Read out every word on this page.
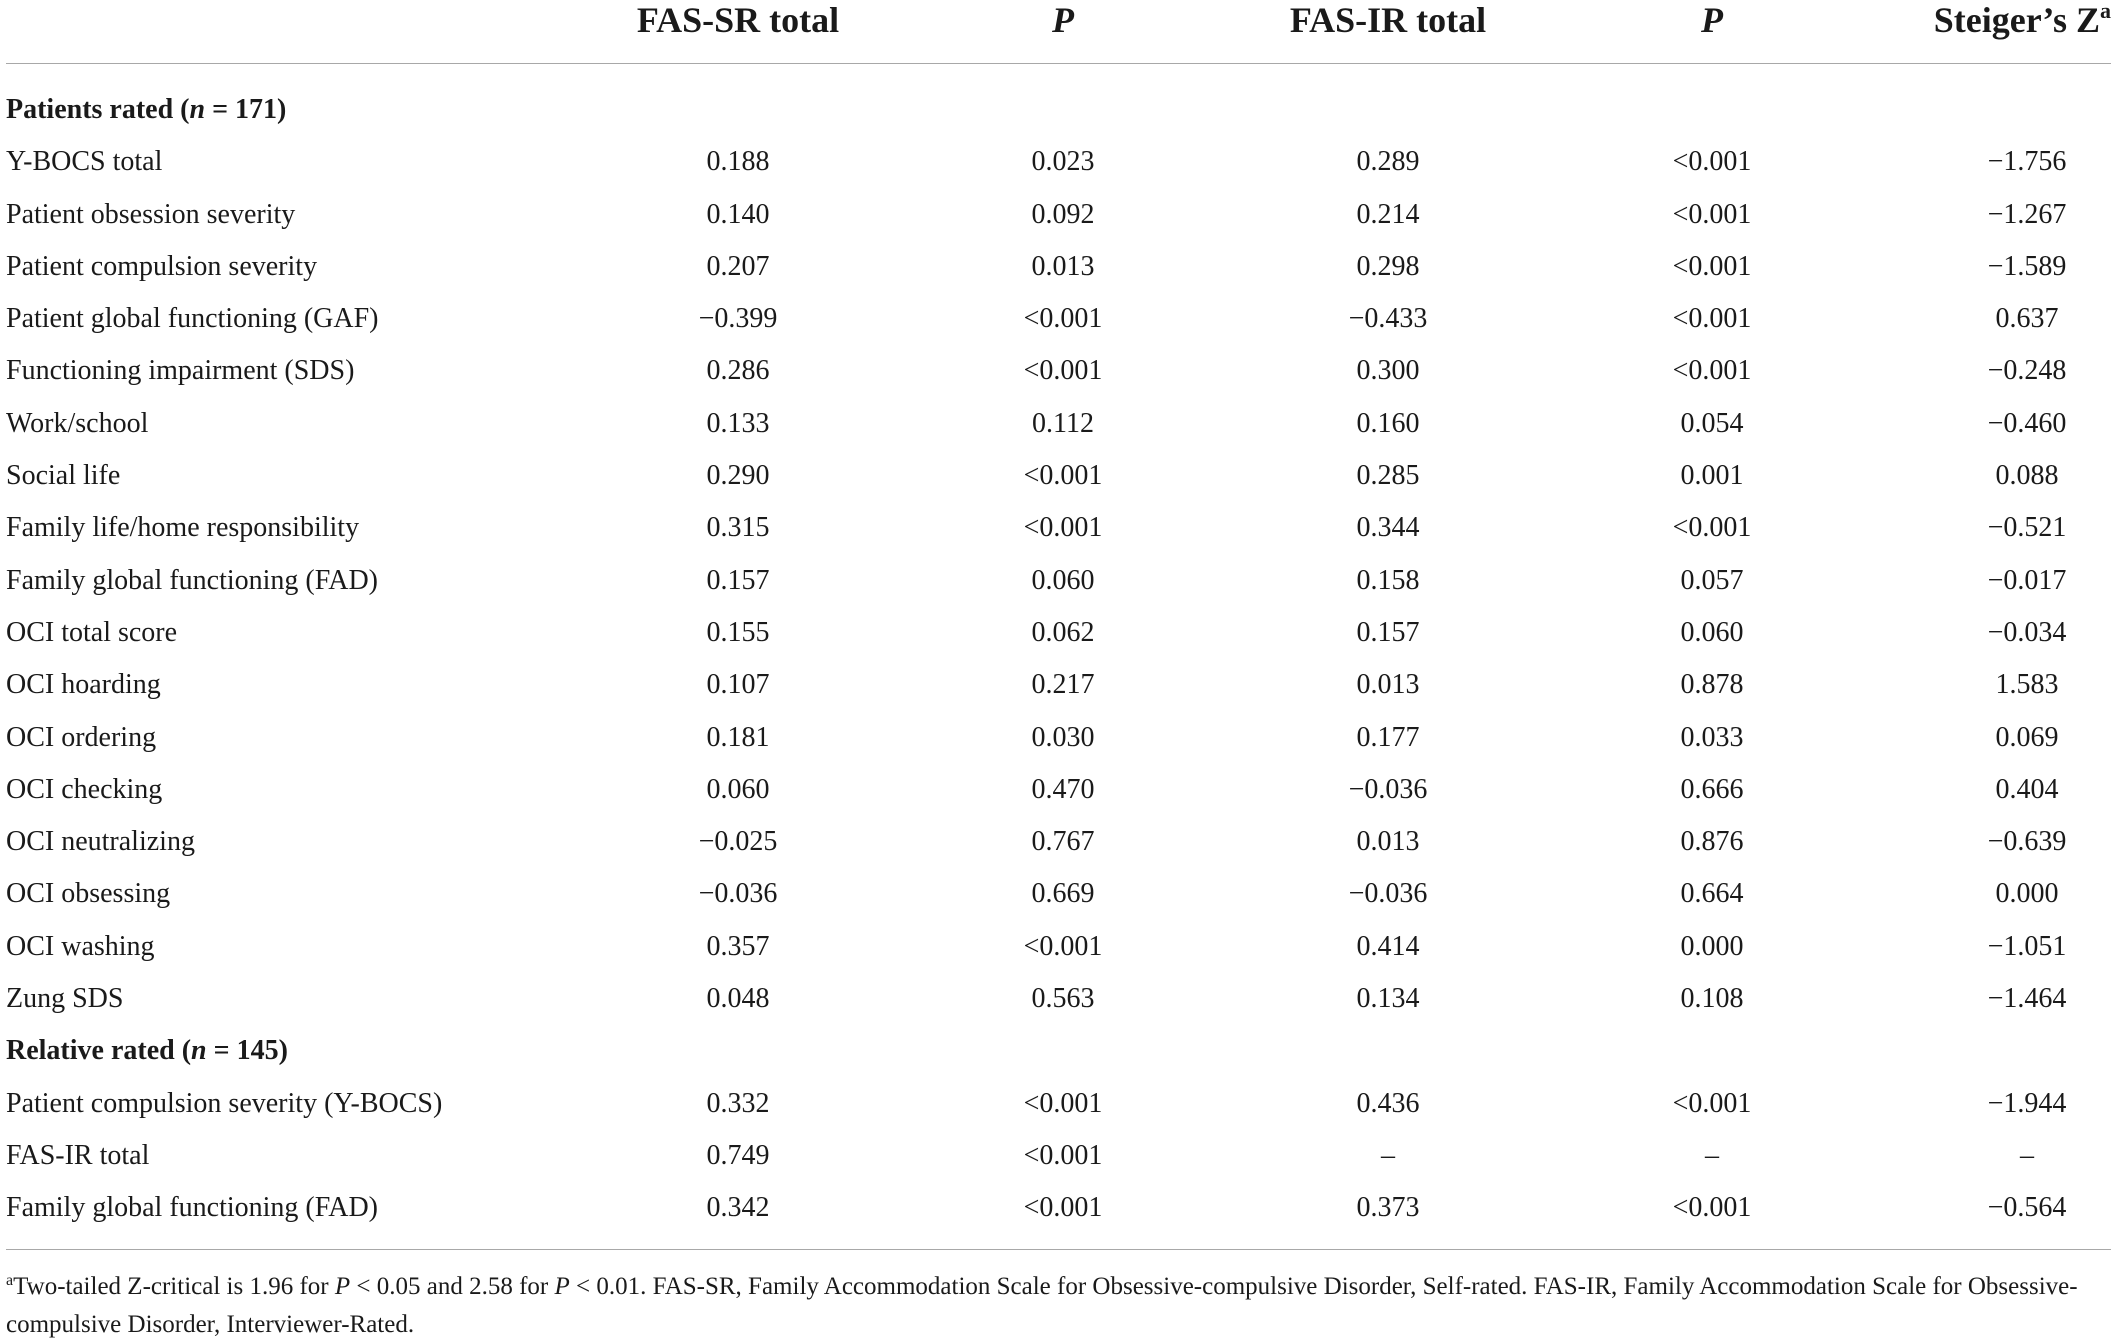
FAS-SR total	P	FAS-IR total	P	Steiger’s $Z^a$
Patients rated (n = 171)
Y-BOCS total	0.188	0.023	0.289	<0.001	−1.756
Patient obsession severity	0.140	0.092	0.214	<0.001	−1.267
Patient compulsion severity	0.207	0.013	0.298	<0.001	−1.589
Patient global functioning (GAF)	−0.399	<0.001	−0.433	<0.001	0.637
Functioning impairment (SDS)	0.286	<0.001	0.300	<0.001	−0.248
Work/school	0.133	0.112	0.160	0.054	−0.460
Social life	0.290	<0.001	0.285	0.001	0.088
Family life/home responsibility	0.315	<0.001	0.344	<0.001	−0.521
Family global functioning (FAD)	0.157	0.060	0.158	0.057	−0.017
OCI total score	0.155	0.062	0.157	0.060	−0.034
OCI hoarding	0.107	0.217	0.013	0.878	1.583
OCI ordering	0.181	0.030	0.177	0.033	0.069
OCI checking	0.060	0.470	−0.036	0.666	0.404
OCI neutralizing	−0.025	0.767	0.013	0.876	−0.639
OCI obsessing	−0.036	0.669	−0.036	0.664	0.000
OCI washing	0.357	<0.001	0.414	0.000	−1.051
Zung SDS	0.048	0.563	0.134	0.108	−1.464
Relative rated (n = 145)
Patient compulsion severity (Y-BOCS)	0.332	<0.001	0.436	<0.001	−1.944
FAS-IR total	0.749	<0.001	–	–	–
Family global functioning (FAD)	0.342	<0.001	0.373	<0.001	−0.564
$^a$Two-tailed Z-critical is 1.96 for P < 0.05 and 2.58 for P < 0.01. FAS-SR, Family Accommodation Scale for Obsessive-compulsive Disorder, Self-rated. FAS-IR, Family Accommodation Scale for Obsessive-compulsive Disorder, Interviewer-Rated.
